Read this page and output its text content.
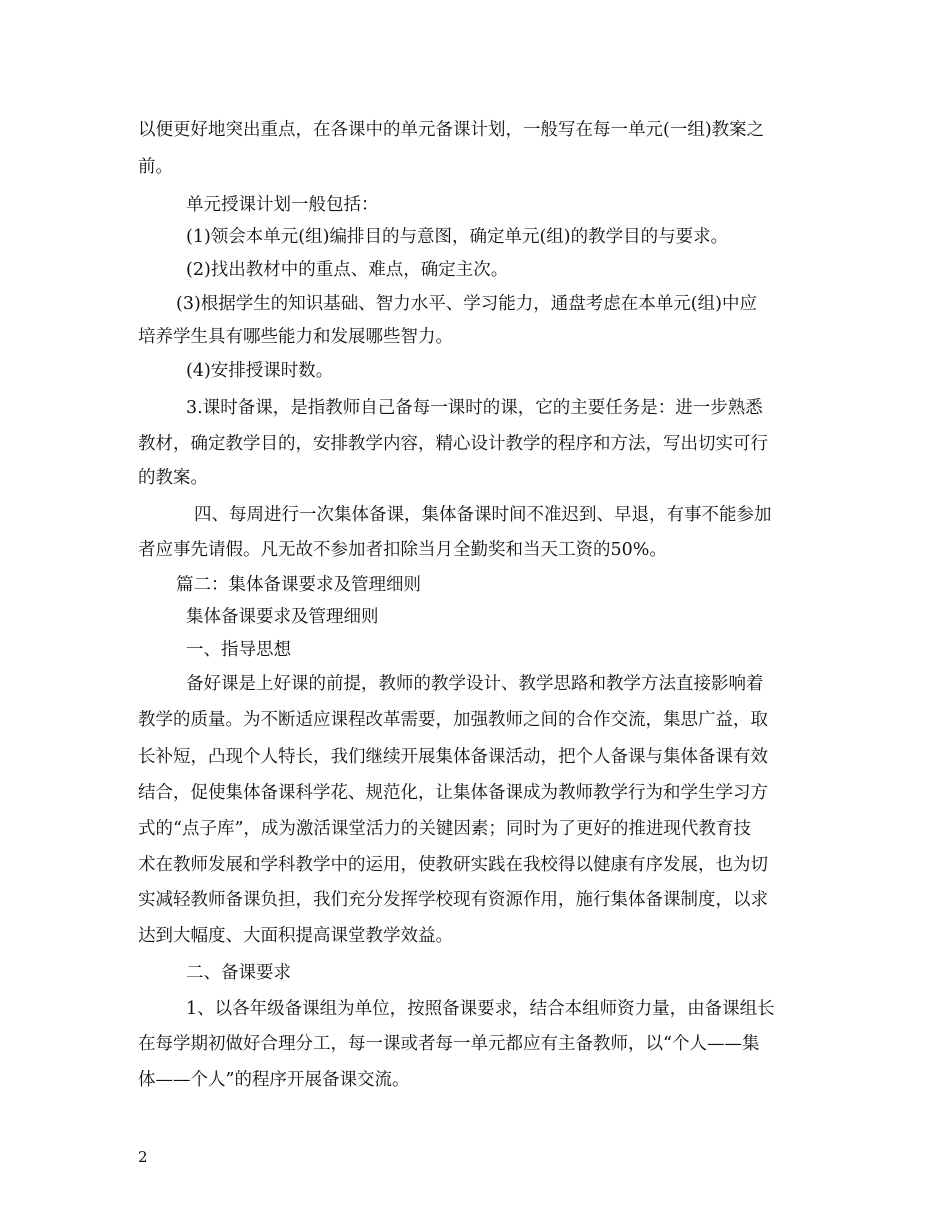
以便更好地突出重点，在各课中的单元备课计划，一般写在每一单元(一组)教案之
前。
单元授课计划一般包括：
(1)领会本单元(组)编排目的与意图，确定单元(组)的教学目的与要求。
(2)找出教材中的重点、难点，确定主次。
(3)根据学生的知识基础、智力水平、学习能力，通盘考虑在本单元(组)中应
培养学生具有哪些能力和发展哪些智力。
(4)安排授课时数。
3.课时备课，是指教师自己备每一课时的课，它的主要任务是：进一步熟悉
教材，确定教学目的，安排教学内容，精心设计教学的程序和方法，写出切实可行
的教案。
四、每周进行一次集体备课，集体备课时间不准迟到、早退，有事不能参加
者应事先请假。凡无故不参加者扣除当月全勤奖和当天工资的50%。
篇二：集体备课要求及管理细则
集体备课要求及管理细则
一、指导思想
备好课是上好课的前提，教师的教学设计、教学思路和教学方法直接影响着
教学的质量。为不断适应课程改革需要，加强教师之间的合作交流，集思广益，取
长补短，凸现个人特长，我们继续开展集体备课活动，把个人备课与集体备课有效
结合，促使集体备课科学花、规范化，让集体备课成为教师教学行为和学生学习方
式的“点子库”，成为激活课堂活力的关键因素；同时为了更好的推进现代教育技
术在教师发展和学科教学中的运用，使教研实践在我校得以健康有序发展，也为切
实减轻教师备课负担，我们充分发挥学校现有资源作用，施行集体备课制度，以求
达到大幅度、大面积提高课堂教学效益。
二、备课要求
1、以各年级备课组为单位，按照备课要求，结合本组师资力量，由备课组长
在每学期初做好合理分工，每一课或者每一单元都应有主备教师，以“个人——集
体——个人”的程序开展备课交流。
2
